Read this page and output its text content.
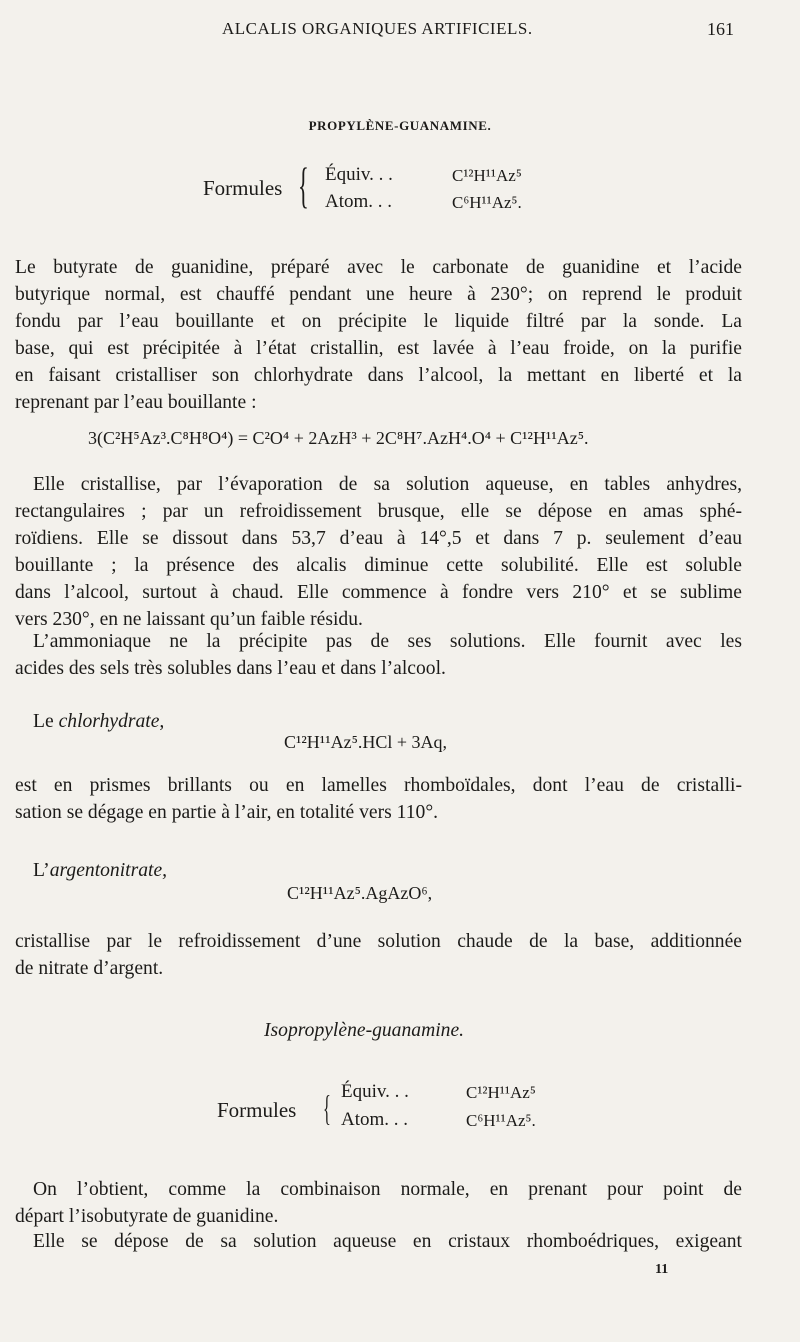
ALCALIS ORGANIQUES ARTIFICIELS.	161
PROPYLÈNE-GUANAMINE.
Formules { Équiv. . .	C¹²H¹¹Az⁵
Atom. . .	C⁶H¹¹Az⁵.
Le butyrate de guanidine, préparé avec le carbonate de guanidine et l’acide
butyrique normal, est chauffé pendant une heure à 230°; on reprend le produit
fondu par l’eau bouillante et on précipite le liquide filtré par la sonde. La
base, qui est précipitée à l’état cristallin, est lavée à l’eau froide, on la purifie
en faisant cristalliser son chlorhydrate dans l’alcool, la mettant en liberté et la
reprenant par l’eau bouillante :
3(C²H⁵Az³.C⁸H⁸O⁴) = C²O⁴ + 2AzH³ + 2C⁸H⁷.AzH⁴.O⁴ + C¹²H¹¹Az⁵.
Elle cristallise, par l’évaporation de sa solution aqueuse, en tables anhydres,
rectangulaires ; par un refroidissement brusque, elle se dépose en amas sphé-
roïdiens. Elle se dissout dans 53,7 d’eau à 14°,5 et dans 7 p. seulement d’eau
bouillante ; la présence des alcalis diminue cette solubilité. Elle est soluble
dans l’alcool, surtout à chaud. Elle commence à fondre vers 210° et se sublime
vers 230°, en ne laissant qu’un faible résidu.
L’ammoniaque ne la précipite pas de ses solutions. Elle fournit avec les
acides des sels très solubles dans l’eau et dans l’alcool.
Le chlorhydrate,
C¹²H¹¹Az⁵.HCl + 3Aq,
est en prismes brillants ou en lamelles rhomboïdales, dont l’eau de cristalli-
sation se dégage en partie à l’air, en totalité vers 110°.
L’argentonitrate,
C¹²H¹¹Az⁵.AgAzO⁶,
cristallise par le refroidissement d’une solution chaude de la base, additionnée
de nitrate d’argent.
Isopropylène-guanamine.
Formules { Équiv. . .	C¹²H¹¹Az⁵
Atom. . .	C⁶H¹¹Az⁵.
On l’obtient, comme la combinaison normale, en prenant pour point de
départ l’isobutyrate de guanidine.
Elle se dépose de sa solution aqueuse en cristaux rhomboédriques, exigeant
11
